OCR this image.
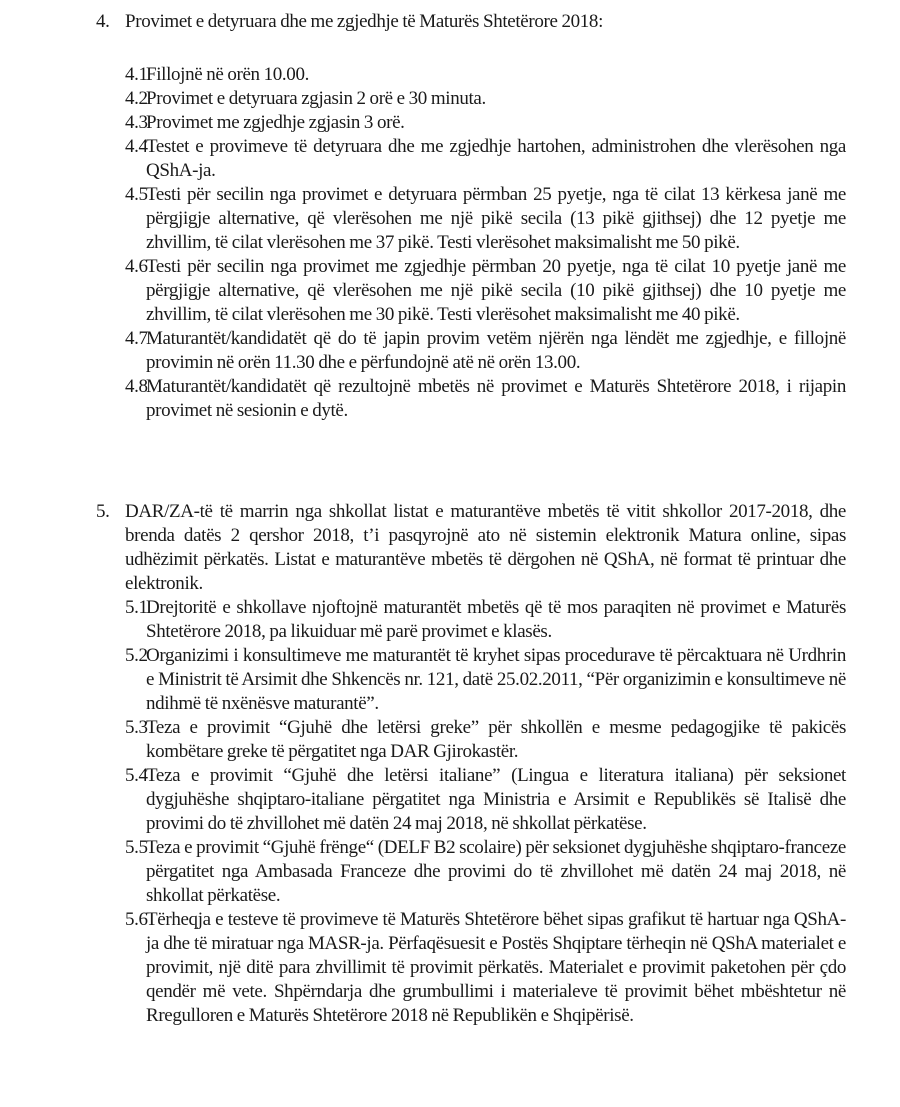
4. Provimet e detyruara dhe me zgjedhje të Maturës Shtetërore 2018:
4.1
Fillojnë në orën 10.00.
4.2
Provimet e detyruara zgjasin 2 orë e 30 minuta.
4.3
Provimet me zgjedhje zgjasin 3 orë.
4.4
Testet e provimeve të detyruara dhe me zgjedhje hartohen, administrohen dhe vlerësohen nga QShA-ja.
4.5
Testi për secilin nga provimet e detyruara përmban 25 pyetje, nga të cilat 13 kërkesa janë me përgjigje alternative, që vlerësohen me një pikë secila (13 pikë gjithsej) dhe 12 pyetje me zhvillim, të cilat vlerësohen me 37 pikë. Testi vlerësohet maksimalisht me 50 pikë.
4.6
Testi për secilin nga provimet me zgjedhje përmban 20 pyetje, nga të cilat 10 pyetje janë me përgjigje alternative, që vlerësohen me një pikë secila (10 pikë gjithsej) dhe 10 pyetje me zhvillim, të cilat vlerësohen me 30 pikë. Testi vlerësohet maksimalisht me 40 pikë.
4.7
Maturantët/kandidatët që do të japin provim vetëm njërën nga lëndët me zgjedhje, e fillojnë provimin në orën 11.30 dhe e përfundojnë atë në orën 13.00.
4.8
Maturantët/kandidatët që rezultojnë mbetës në provimet e Maturës Shtetërore 2018, i rijapin provimet në sesionin e dytë.
5. DAR/ZA-të të marrin nga shkollat listat e maturantëve mbetës të vitit shkollor 2017-2018, dhe brenda datës 2 qershor 2018, t’i pasqyrojnë ato në sistemin elektronik Matura online, sipas udhëzimit përkatës. Listat e maturantëve mbetës të dërgohen në QShA, në format të printuar dhe elektronik.
5.1
Drejtoritë e shkollave njoftojnë maturantët mbetës që të mos paraqiten në provimet e Maturës Shtetërore 2018, pa likuiduar më parë provimet e klasës.
5.2
Organizimi i konsultimeve me maturantët të kryhet sipas procedurave të përcaktuara në Urdhrin e Ministrit të Arsimit dhe Shkencës nr. 121, datë 25.02.2011, “Për organizimin e konsultimeve në ndihmë të nxënësve maturantë”.
5.3
Teza e provimit “Gjuhë dhe letërsi greke” për shkollën e mesme pedagogjike të pakicës kombëtare greke të përgatitet nga DAR Gjirokastër.
5.4
Teza e provimit “Gjuhë dhe letërsi italiane” (Lingua e literatura italiana) për seksionet dygjuhëshe shqiptaro-italiane përgatitet nga Ministria e Arsimit e Republikës së Italisë dhe provimi do të zhvillohet më datën 24 maj 2018, në shkollat përkatëse.
5.5
Teza e provimit “Gjuhë frënge“ (DELF B2 scolaire) për seksionet dygjuhëshe shqiptaro-franceze përgatitet nga Ambasada Franceze dhe provimi do të zhvillohet më datën 24 maj 2018, në shkollat përkatëse.
5.6
Tërheqja e testeve të provimeve të Maturës Shtetërore bëhet sipas grafikut të hartuar nga QShA-ja dhe të miratuar nga MASR-ja. Përfaqësuesit e Postës Shqiptare tërheqin në QShA materialet e provimit, një ditë para zhvillimit të provimit përkatës. Materialet e provimit paketohen për çdo qendër më vete. Shpërndarja dhe grumbullimi i materialeve të provimit bëhet mbështetur në Rregulloren e Maturës Shtetërore 2018 në Republikën e Shqipërisë.
